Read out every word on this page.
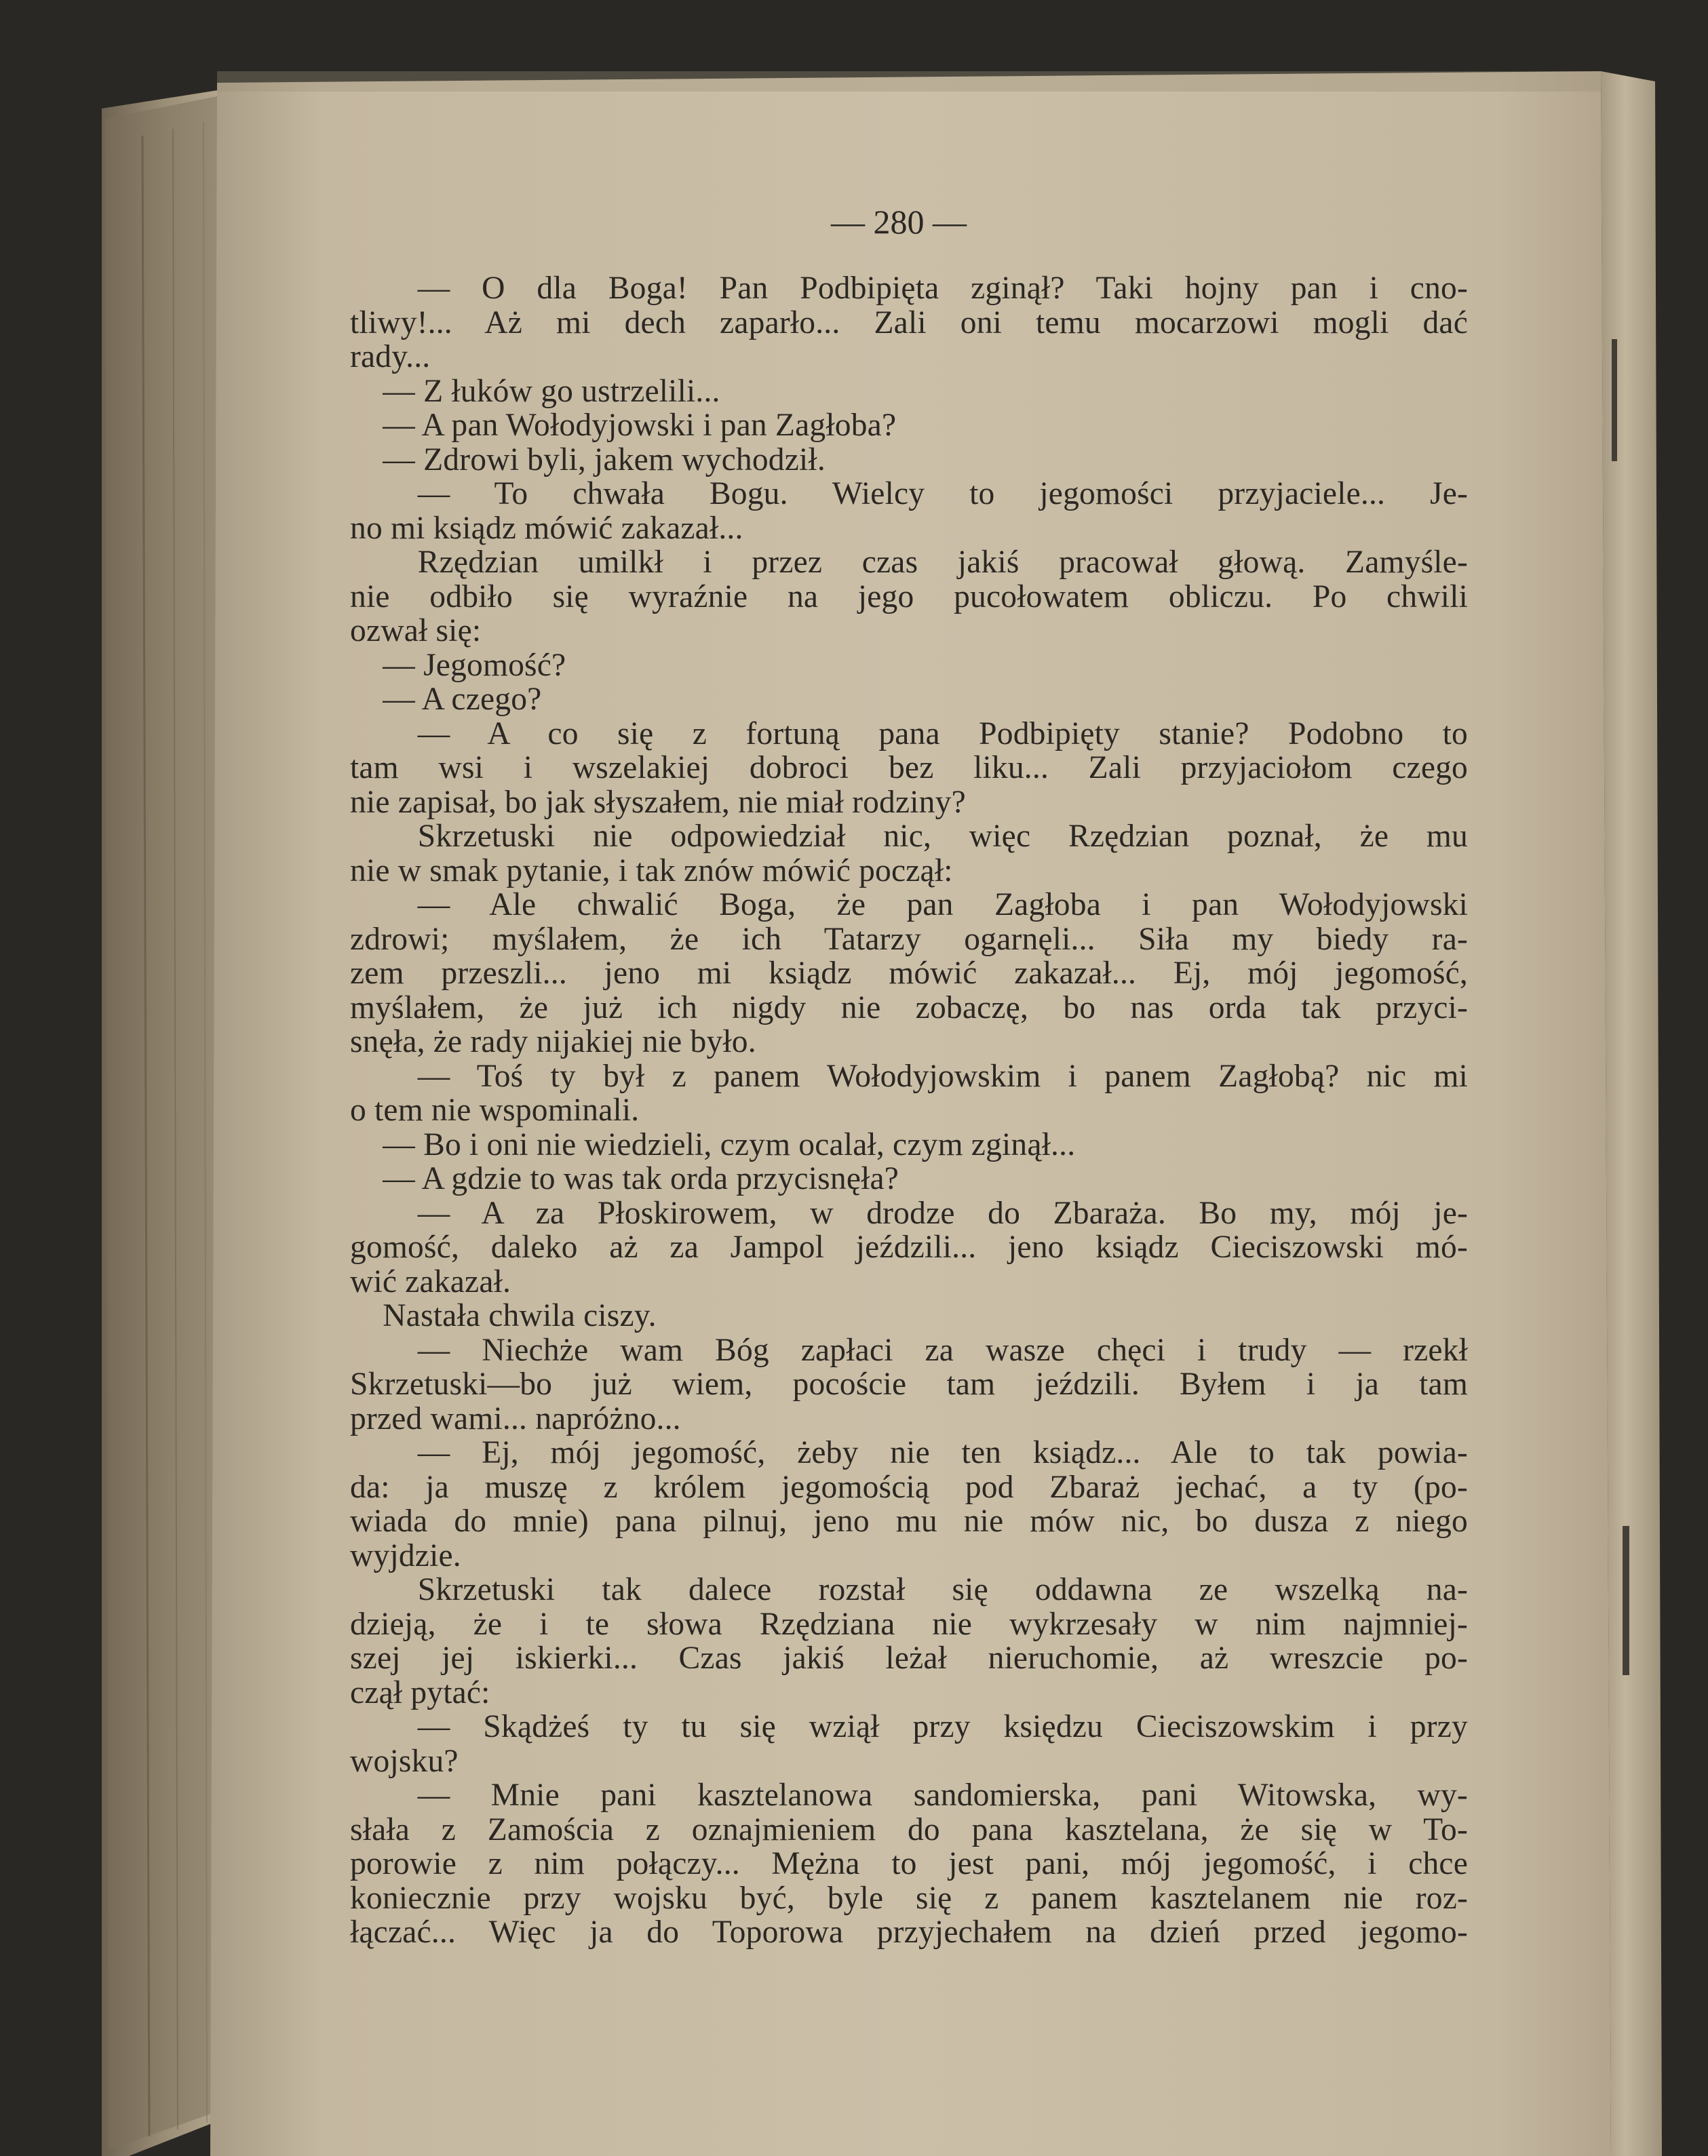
— 280 —
— O dla Boga! Pan Podbipięta zginął? Taki hojny pan i cno-
tliwy!... Aż mi dech zaparło... Zali oni temu mocarzowi mogli dać
rady...
— Z łuków go ustrzelili...
— A pan Wołodyjowski i pan Zagłoba?
— Zdrowi byli, jakem wychodził.
— To chwała Bogu. Wielcy to jegomości przyjaciele... Je-
no mi ksiądz mówić zakazał...
Rzędzian umilkł i przez czas jakiś pracował głową. Zamyśle-
nie odbiło się wyraźnie na jego pucołowatem obliczu. Po chwili
ozwał się:
— Jegomość?
— A czego?
— A co się z fortuną pana Podbipięty stanie? Podobno to
tam wsi i wszelakiej dobroci bez liku... Zali przyjaciołom czego
nie zapisał, bo jak słyszałem, nie miał rodziny?
Skrzetuski nie odpowiedział nic, więc Rzędzian poznał, że mu
nie w smak pytanie, i tak znów mówić począł:
— Ale chwalić Boga, że pan Zagłoba i pan Wołodyjowski
zdrowi; myślałem, że ich Tatarzy ogarnęli... Siła my biedy ra-
zem przeszli... jeno mi ksiądz mówić zakazał... Ej, mój jegomość,
myślałem, że już ich nigdy nie zobaczę, bo nas orda tak przyci-
snęła, że rady nijakiej nie było.
— Toś ty był z panem Wołodyjowskim i panem Zagłobą? nic mi
o tem nie wspominali.
— Bo i oni nie wiedzieli, czym ocalał, czym zginął...
— A gdzie to was tak orda przycisnęła?
— A za Płoskirowem, w drodze do Zbaraża. Bo my, mój je-
gomość, daleko aż za Jampol jeździli... jeno ksiądz Cieciszowski mó-
wić zakazał.
Nastała chwila ciszy.
— Niechże wam Bóg zapłaci za wasze chęci i trudy — rzekł
Skrzetuski—bo już wiem, pocoście tam jeździli. Byłem i ja tam
przed wami... napróżno...
— Ej, mój jegomość, żeby nie ten ksiądz... Ale to tak powia-
da: ja muszę z królem jegomością pod Zbaraż jechać, a ty (po-
wiada do mnie) pana pilnuj, jeno mu nie mów nic, bo dusza z niego
wyjdzie.
Skrzetuski tak dalece rozstał się oddawna ze wszelką na-
dzieją, że i te słowa Rzędziana nie wykrzesały w nim najmniej-
szej jej iskierki... Czas jakiś leżał nieruchomie, aż wreszcie po-
czął pytać:
— Skądżeś ty tu się wziął przy księdzu Cieciszowskim i przy
wojsku?
— Mnie pani kasztelanowa sandomierska, pani Witowska, wy-
słała z Zamościa z oznajmieniem do pana kasztelana, że się w To-
porowie z nim połączy... Mężna to jest pani, mój jegomość, i chce
koniecznie przy wojsku być, byle się z panem kasztelanem nie roz-
łączać... Więc ja do Toporowa przyjechałem na dzień przed jegomo-
